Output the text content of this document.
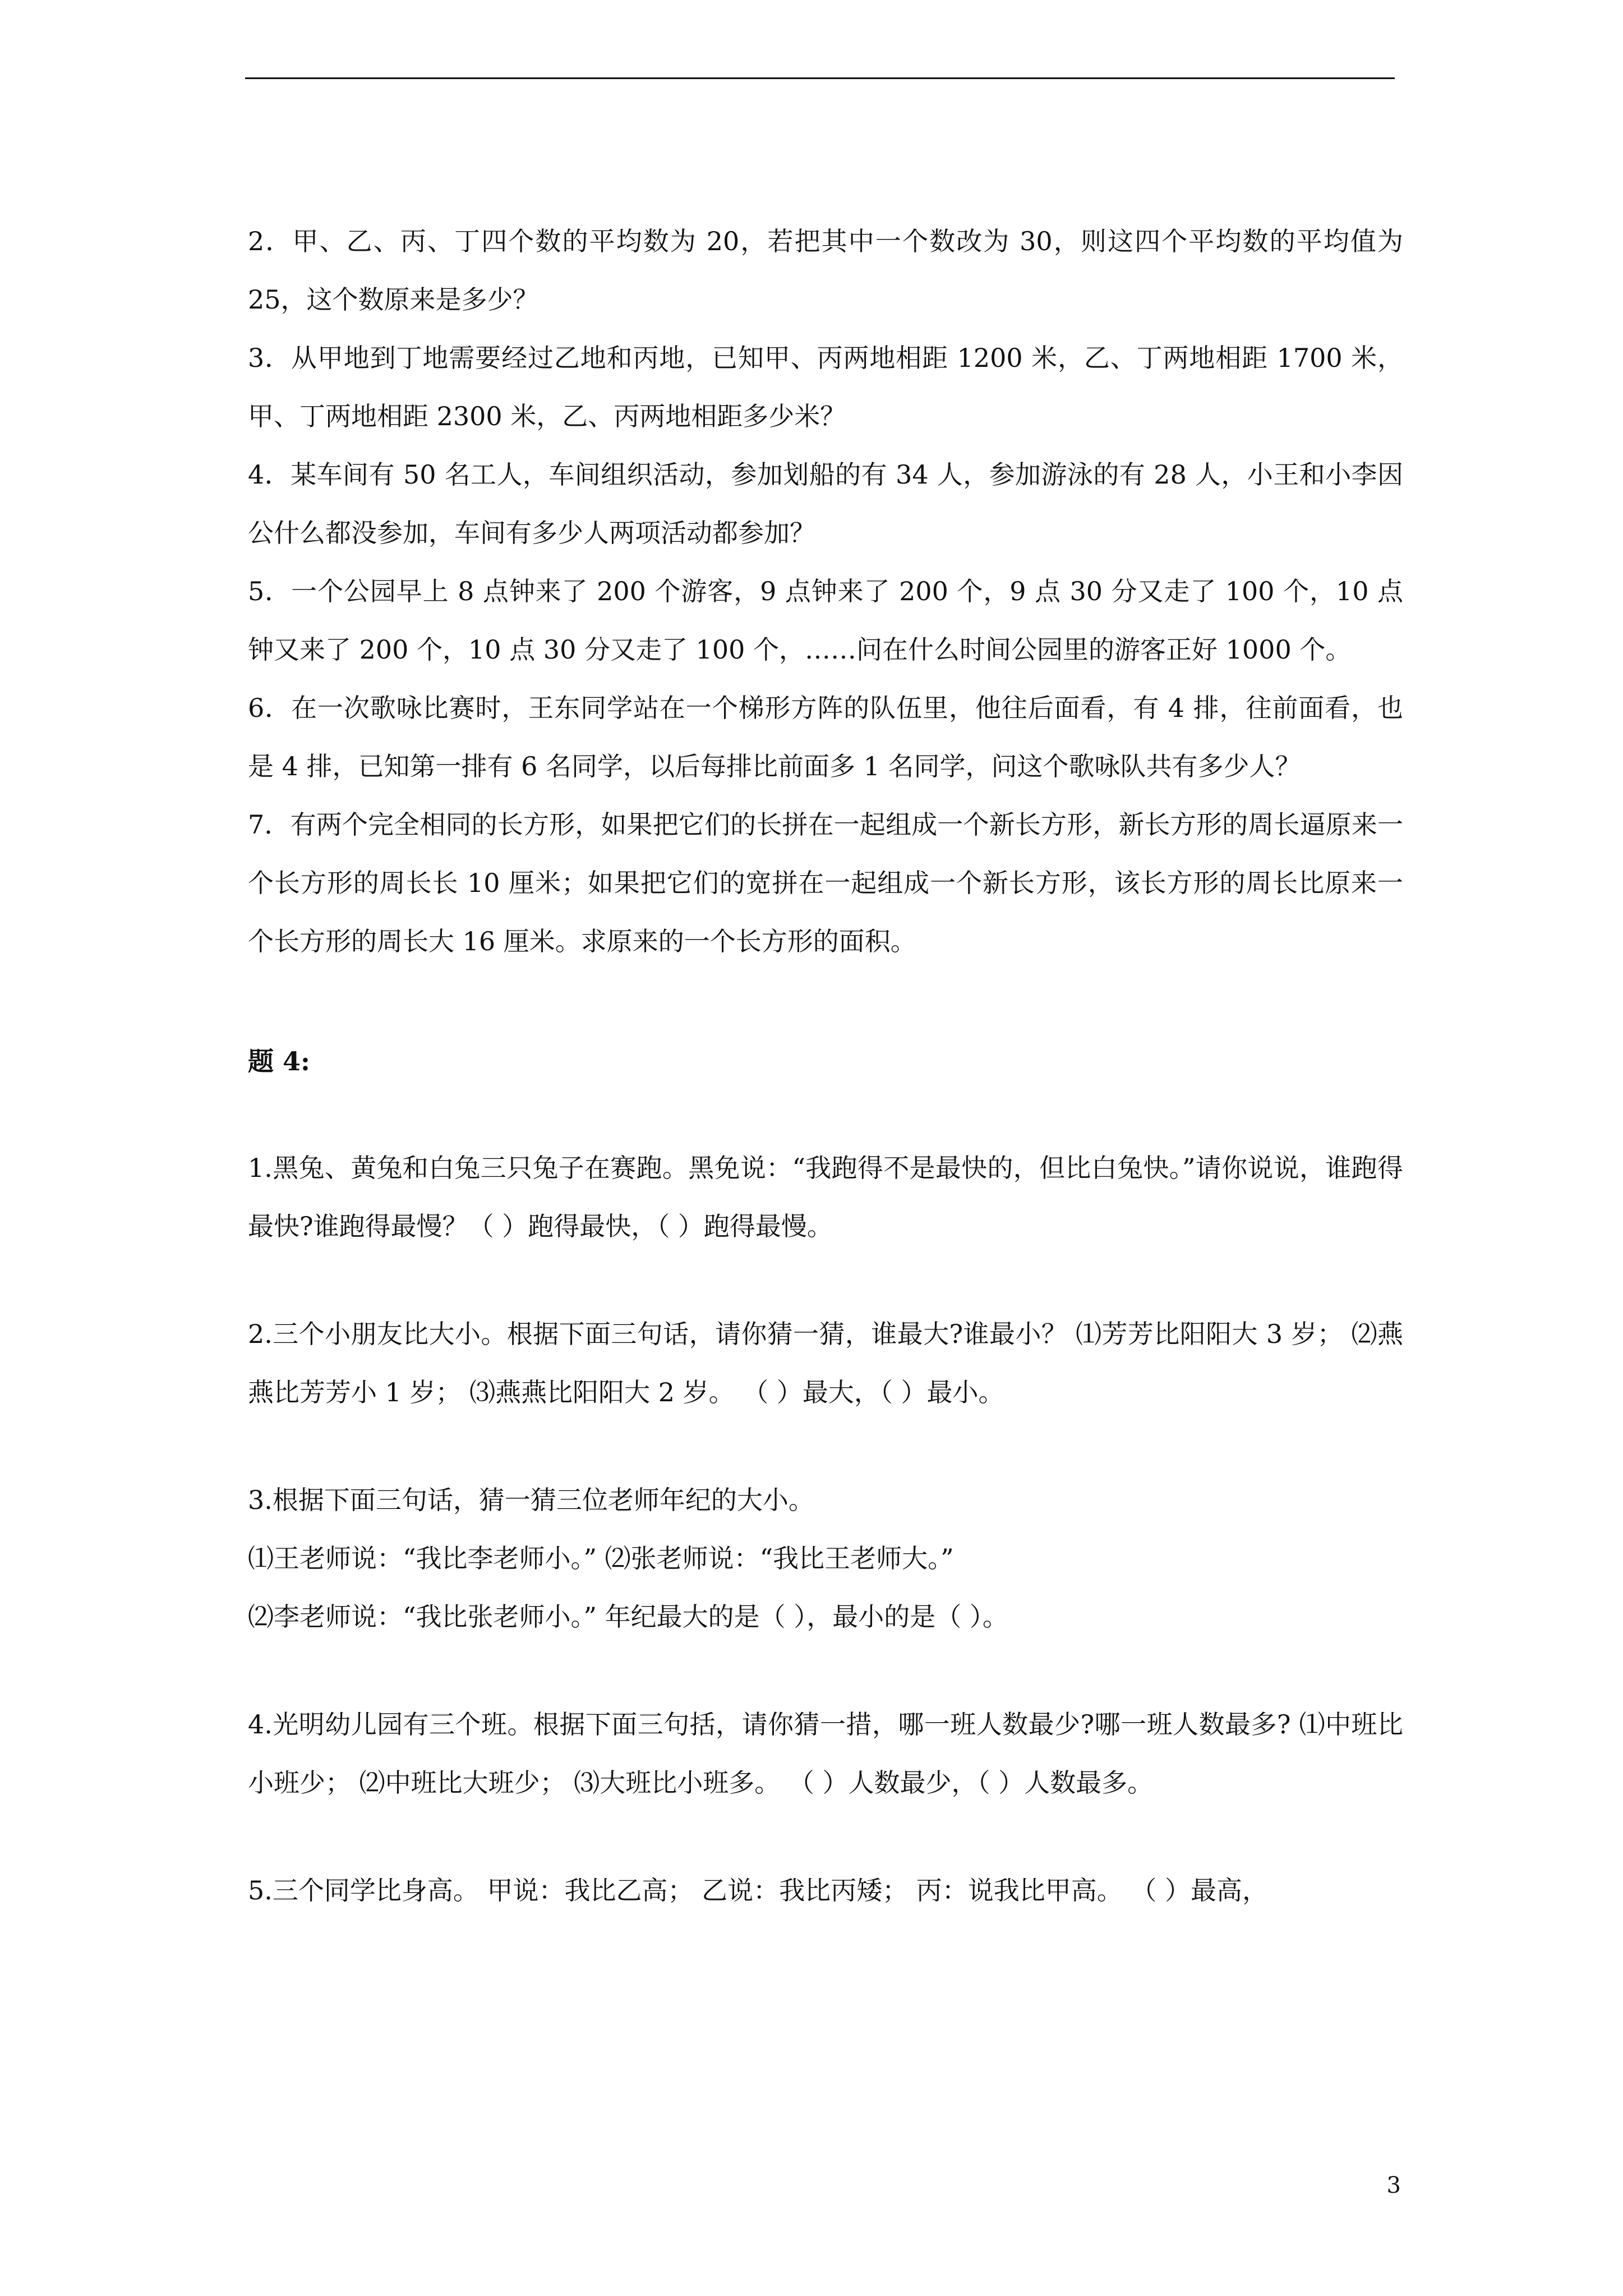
2．甲、乙、丙、丁四个数的平均数为 20，若把其中一个数改为 30，则这四个平均数的平均值为 25，这个数原来是多少？

3．从甲地到丁地需要经过乙地和丙地，已知甲、丙两地相距 1200 米，乙、丁两地相距 1700 米，甲、丁两地相距 2300 米，乙、丙两地相距多少米？

4．某车间有 50 名工人，车间组织活动，参加划船的有 34 人，参加游泳的有 28 人，小王和小李因公什么都没参加，车间有多少人两项活动都参加？

5．一个公园早上 8 点钟来了 200 个游客，9 点钟来了 200 个，9 点 30 分又走了 100 个，10 点钟又来了 200 个，10 点 30 分又走了 100 个，……问在什么时间公园里的游客正好 1000 个。

6．在一次歌咏比赛时，王东同学站在一个梯形方阵的队伍里，他往后面看，有 4 排，往前面看，也是 4 排，已知第一排有 6 名同学，以后每排比前面多 1 名同学，问这个歌咏队共有多少人？

7．有两个完全相同的长方形，如果把它们的长拼在一起组成一个新长方形，新长方形的周长逼原来一个长方形的周长长 10 厘米；如果把它们的宽拼在一起组成一个新长方形，该长方形的周长比原来一个长方形的周长大 16 厘米。求原来的一个长方形的面积。

题 4:

1.黑兔、黄兔和白兔三只兔子在赛跑。黑免说：“我跑得不是最快的，但比白兔快。”请你说说，谁跑得最快?谁跑得最慢？（ ）跑得最快，（ ）跑得最慢。

2.三个小朋友比大小。根据下面三句话，请你猜一猜，谁最大?谁最小？ ⑴芳芳比阳阳大 3 岁； ⑵燕燕比芳芳小 1 岁； ⑶燕燕比阳阳大 2 岁。 （ ）最大，（ ）最小。

3.根据下面三句话，猜一猜三位老师年纪的大小。

⑴王老师说：“我比李老师小。” ⑵张老师说：“我比王老师大。”

⑵李老师说：“我比张老师小。” 年纪最大的是（ ），最小的是（ ）。

4.光明幼儿园有三个班。根据下面三句括，请你猜一措，哪一班人数最少?哪一班人数最多? ⑴中班比小班少； ⑵中班比大班少； ⑶大班比小班多。 （ ）人数最少，（ ）人数最多。

5.三个同学比身高。 甲说：我比乙高； 乙说：我比丙矮； 丙：说我比甲高。 （ ）最高，

3
